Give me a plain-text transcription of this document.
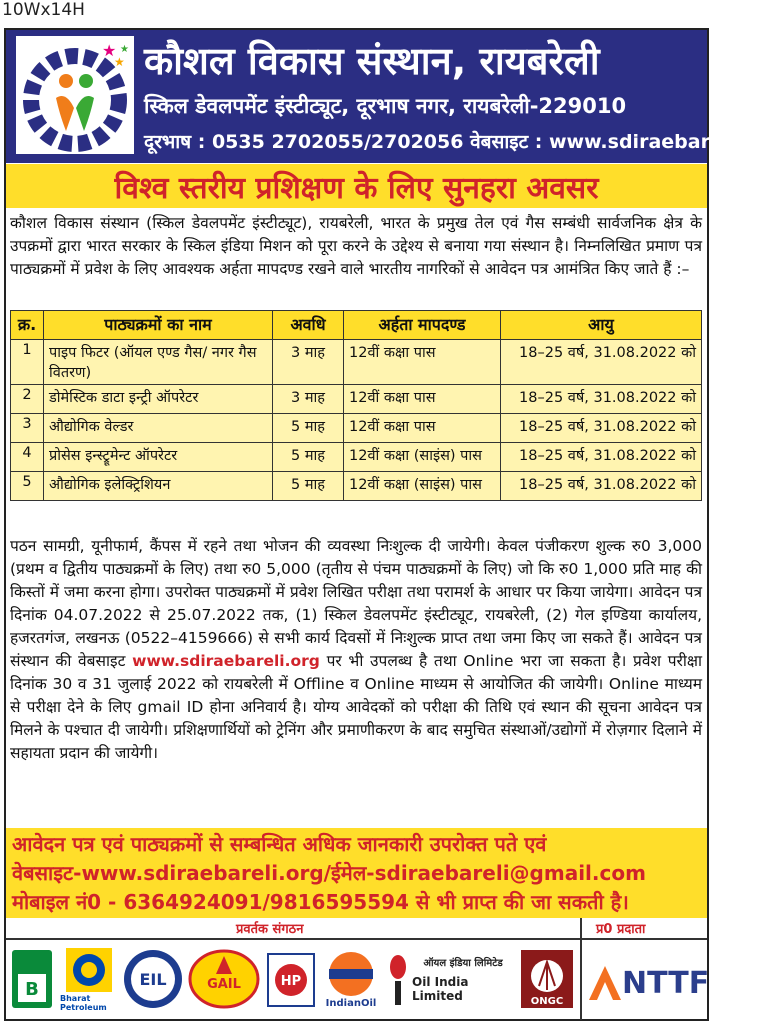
10Wx14H
★
★
★ कौशल विकास संस्थान, रायबरेली
स्किल डेवलपमेंट इंस्टीट्यूट, दूरभाष नगर, रायबरेली-229010
दूरभाष : 0535 2702055/2702056 वेबसाइट : www.sdiraebareli.org
विश्व स्तरीय प्रशिक्षण के लिए सुनहरा अवसर
कौशल विकास संस्थान (स्किल डेवलपमेंट इंस्टीट्यूट), रायबरेली, भारत के प्रमुख तेल एवं गैस सम्बंधी सार्वजनिक क्षेत्र के उपक्रमों द्वारा भारत सरकार के स्किल इंडिया मिशन को पूरा करने के उद्देश्य से बनाया गया संस्थान है। निम्नलिखित प्रमाण पत्र पाठ्यक्रमों में प्रवेश के लिए आवश्यक अर्हता मापदण्ड रखने वाले भारतीय नागरिकों से आवेदन पत्र आमंत्रित किए जाते हैं :–
क्र.	पाठ्यक्रमों का नाम	अवधि	अर्हता मापदण्ड	आयु
1	पाइप फिटर (ऑयल एण्ड गैस/ नगर गैस वितरण)	3 माह	12वीं कक्षा पास	18–25 वर्ष, 31.08.2022 को
2	डोमेस्टिक डाटा इन्ट्री ऑपरेटर	3 माह	12वीं कक्षा पास	18–25 वर्ष, 31.08.2022 को
3	औद्योगिक वेल्डर	5 माह	12वीं कक्षा पास	18–25 वर्ष, 31.08.2022 को
4	प्रोसेस इन्स्ट्रूमेन्ट ऑपरेटर	5 माह	12वीं कक्षा (साइंस) पास	18–25 वर्ष, 31.08.2022 को
5	औद्योगिक इलेक्ट्रिशियन	5 माह	12वीं कक्षा (साइंस) पास	18–25 वर्ष, 31.08.2022 को
पठन सामग्री, यूनीफार्म, कैंपस में रहने तथा भोजन की व्यवस्था निःशुल्क दी जायेगी। केवल पंजीकरण शुल्क रु0 3,000 (प्रथम व द्वितीय पाठ्यक्रमों के लिए) तथा रु0 5,000 (तृतीय से पंचम पाठ्यक्रमों के लिए) जो कि रु0 1,000 प्रति माह की किस्तों में जमा करना होगा। उपरोक्त पाठ्यक्रमों में प्रवेश लिखित परीक्षा तथा परामर्श के आधार पर किया जायेगा। आवेदन पत्र दिनांक 04.07.2022 से 25.07.2022 तक, (1) स्किल डेवलपमेंट इंस्टीट्यूट, रायबरेली, (2) गेल इण्डिया कार्यालय, हजरतगंज, लखनऊ (0522–4159666) से सभी कार्य दिवसों में निःशुल्क प्राप्त तथा जमा किए जा सकते हैं। आवेदन पत्र संस्थान की वेबसाइट www.sdiraebareli.org पर भी उपलब्ध है तथा Online भरा जा सकता है। प्रवेश परीक्षा दिनांक 30 व 31 जुलाई 2022 को रायबरेली में Offline व Online माध्यम से आयोजित की जायेगी। Online माध्यम से परीक्षा देने के लिए gmail ID होना अनिवार्य है। योग्य आवेदकों को परीक्षा की तिथि एवं स्थान की सूचना आवेदन पत्र मिलने के पश्चात दी जायेगी। प्रशिक्षणार्थियों को ट्रेनिंग और प्रमाणीकरण के बाद समुचित संस्थाओं/उद्योगों में रोज़गार दिलाने में सहायता प्रदान की जायेगी।
आवेदन पत्र एवं पाठ्यक्रमों से सम्बन्धित अधिक जानकारी उपरोक्त पते एवं
वेबसाइट-www.sdiraebareli.org/ईमेल-sdiraebareli@gmail.com
मोबाइल नं0 - 6364924091/9816595594 से भी प्राप्त की जा सकती है।
प्रवर्तक संगठन	प्र0 प्रदाता
B	Bharat Petroleum
EIL	GAIL	HP
IndianOil
ऑयल इंडिया लिमिटेड
Oil India Limited	ONGC
NTTF
